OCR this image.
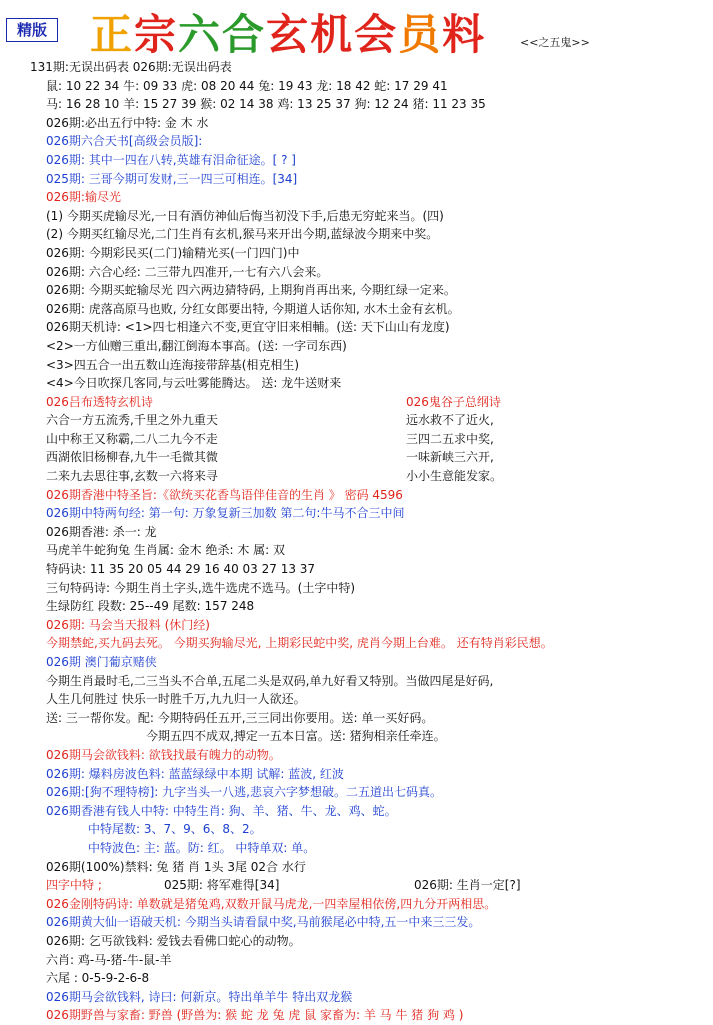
精版 正宗六合玄机会员料	<<之五鬼>>
131期:无误出码表 026期:无误出码表
鼠: 10 22 34 牛: 09 33 虎: 08 20 44 兔: 19 43 龙: 18 42 蛇: 17 29 41
马: 16 28 10 羊: 15 27 39 猴: 02 14 38 鸡: 13 25 37 狗: 12 24 猪: 11 23 35
026期:必出五行中特: 金 木 水
026期六合天书[高级会员版]:
026期: 其中一四在八转,英雄有泪命征途。[ ? ]
025期: 三哥今期可发财,三一四三可相连。[34]
026期:输尽光
(1) 今期买虎输尽光,一日有酒仿神仙后悔当初没下手,后患无穷蛇来当。(四)
(2) 今期买红输尽光,二门生肖有玄机,猴马来开出今期,蓝绿波今期来中奖。
026期: 今期彩民买(二门)输精光买(一门四门)中
026期: 六合心经: 二三带九四准开,一七有六八会来。
026期: 今期买蛇输尽光 四六两边猜特码, 上期狗肖再出来, 今期红绿一定来。
026期: 虎落高原马也败, 分红女郎要出特, 今期道人话你知, 水木土金有玄机。
026期天机诗: <1>四七相逢六不变,更宜守旧来相輔。(送: 天下山山有龙度)
<2>一方仙赠三重出,翻江倒海本事高。(送: 一字司东西)
<3>四五合一出五数山连海接带辞基(相克相生)
<4>今日吹探几客同,与云吐雾能腾达。 送: 龙牛送财来
026吕布透特玄机诗	026鬼谷子总纲诗
六合一方五流秀,千里之外九重天	远水救不了近火,
山中称王又称霸,二八二九今不走	三四二五求中奖,
西湖侬旧杨柳春,九牛一毛微其微	一味新峡三六开,
二来九去思往事,玄数一六将来寻	小小生意能发家。
026期香港中特圣旨:《欲统买花香鸟语伴佳音的生肖 》 密码 4596
026期中特两句经: 第一句: 万象复新三加数 第二句:牛马不合三中间
026期香港: 杀一: 龙
马虎羊牛蛇狗兔 生肖属: 金木 绝杀: 木 属: 双
特码诀: 11 35 20 05 44 29 16 40 03 27 13 37
三句特码诗: 今期生肖土字头,选牛选虎不选马。(土字中特)
生绿防红 段数: 25--49 尾数: 157 248
026期: 马会当天报料 (休门经)
今期禁蛇,买九码去死。 今期买狗输尽光, 上期彩民蛇中奖, 虎肖今期上台难。 还有特肖彩民想。
026期 澳门葡京赌侠
今期生肖最时毛,二三当头不合单,五尾二头是双码,单九好看又特别。当做四尾是好码,
人生几何胜过 快乐一时胜千万,九九归一人欲还。
送: 三一帮你发。配: 今期特码任五开,三三同出你要用。送: 单一买好码。
今期五四不成双,搏定一五本日富。送: 猪狗相亲任牵连。
026期马会欲钱料: 欲钱找最有魄力的动物。
026期: 爆料房波色料: 蓝蓝绿绿中本期 试解: 蓝波, 红波
026期:[狗不理特榜]: 九字当头一八逃,悲哀六字梦想破。二五道出七码真。
026期香港有钱人中特: 中特生肖: 狗、羊、猪、牛、龙、鸡、蛇。
中特尾数: 3、7、9、6、8、2。
中特波色: 主: 蓝。防: 红。 中特单双: 单。
026期(100%)禁料: 兔 猪 肖 1头 3尾 02合 水行
四字中特 ;	025期: 将军难得[34]	026期: 生肖一定[?]
026金刚特码诗: 单数就是猪兔鸡,双数开鼠马虎龙,一四幸屋相依傍,四九分开两相思。
026期黄大仙一语破天机: 今期当头请看鼠中奖,马前猴尾必中特,五一中来三三发。
026期: 乞丐欲钱料: 爱钱去看佛口蛇心的动物。
六肖: 鸡-马-猪-牛-鼠-羊
六尾 : 0-5-9-2-6-8
026期马会欲钱料, 诗曰: 何新京。特出单羊牛 特出双龙猴
026期野兽与家畜: 野兽 (野兽为: 猴 蛇 龙 兔 虎 鼠 家畜为: 羊 马 牛 猪 狗 鸡 )
